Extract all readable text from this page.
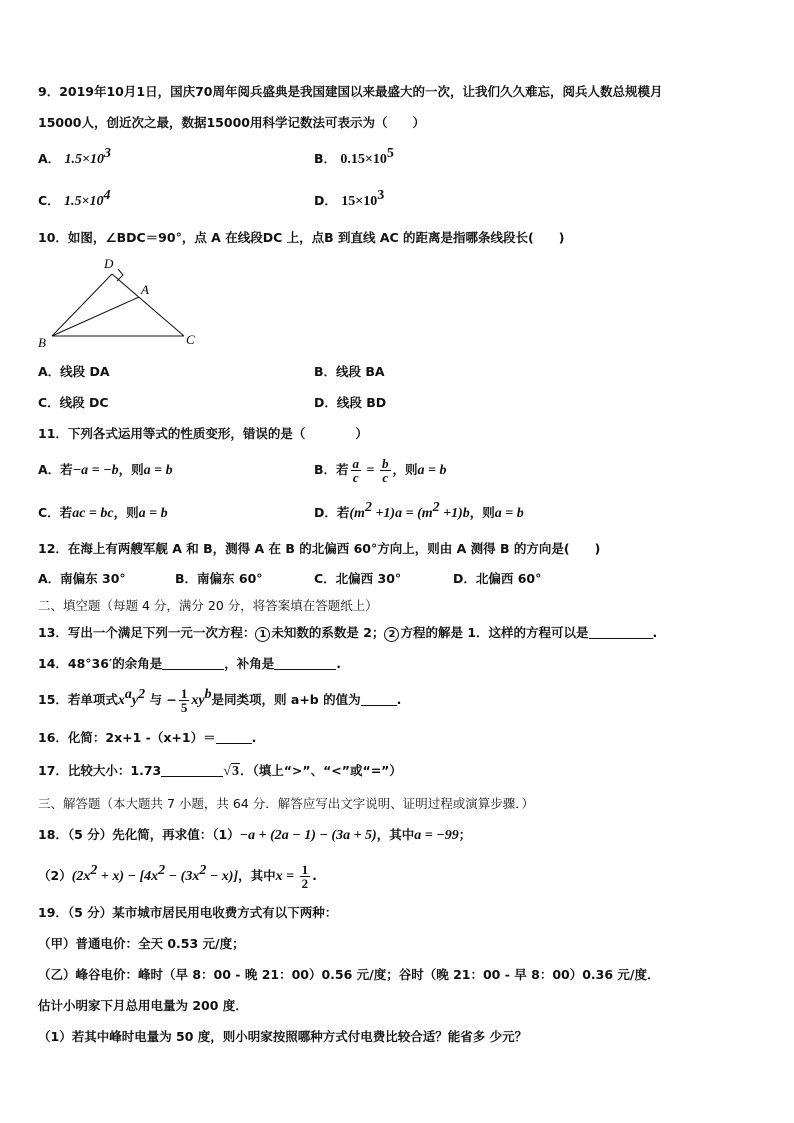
9．2019年10月1日，国庆70周年阅兵盛典是我国建国以来最盛大的一次，让我们久久难忘，阅兵人数总规模月
15000人，创近次之最，数据15000用科学记数法可表示为（　　）
A． $1.5\times 10^3$	B． $0.15\times 10^5$
C． $1.5\times 10^4$	D． $15\times 10^3$
10．如图，∠BDC＝90°，点 A 在线段DC 上，点B 到直线 AC 的距离是指哪条线段长(　　)
D
A
B	C
A．线段 DA	B．线段 BA
C．线段 DC	D．线段 BD
11．下列各式运用等式的性质变形，错误的是（　　　　）
A．若−a = −b，则a = b	B．若 $\frac{a}{c} = \frac{b}{c}$ ，则a = b
C．若ac = bc，则a = b	D．若$(m^2 +1)a = (m^2 +1)b$，则a = b
12．在海上有两艘军舰 A 和 B，测得 A 在 B 的北偏西 60°方向上，则由 A 测得 B 的方向是(　　)
A．南偏东 30°	B．南偏东 60°	C．北偏西 30°	D．北偏西 60°
二、填空题（每题 4 分，满分 20 分，将答案填在答题纸上）
13．写出一个满足下列一元一次方程： 1 未知数的系数是 2； 2 方程的解是 1．这样的方程可以是	.
14．48°36′的余角是	，补角是	.
15．若单项式$x^ay^2$ 与 − $\frac{1}{5} xy^b$是同类项，则 a+b 的值为	.
16．化简：2x+1 -（x+1）＝	.
17．比较大小：1.73	√3．（填上“>”、“<”或“=”）
三、解答题（本大题共 7 小题，共 64 分．解答应写出文字说明、证明过程或演算步骤．）
18．（5 分）先化简，再求值：（1）−a + (2a − 1) − (3a + 5)，其中a = −99；
$(2)(2x^2 + x) - [4x^2 - (3x^2 - x)]$，其中$x = \frac{1}{2}$ .
19．（5 分）某市城市居民用电收费方式有以下两种：
（甲）普通电价：全天 0.53 元/度；
（乙）峰谷电价：峰时（早 8：00 - 晚 21：00）0.56 元/度；谷时（晚 21：00 - 早 8：00）0.36 元/度．
估计小明家下月总用电量为 200 度．
（1）若其中峰时电量为 50 度，则小明家按照哪种方式付电费比较合适？能省多 少元？
